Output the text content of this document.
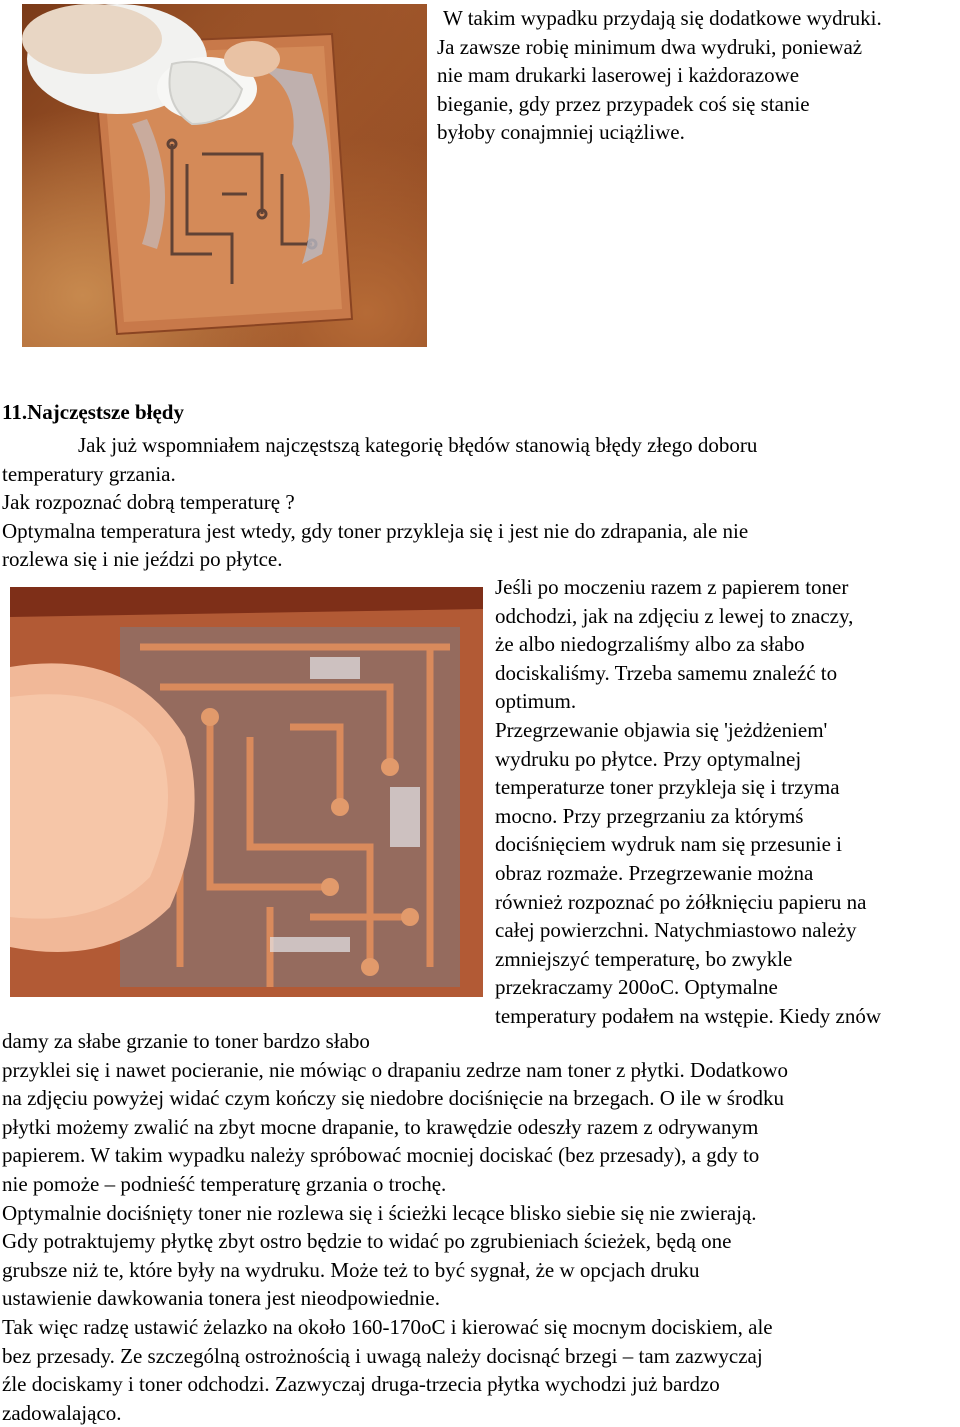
W takim wypadku przydają się dodatkowe wydruki.

Ja zawsze robię minimum dwa wydruki, ponieważ

nie mam drukarki laserowej i każdorazowe

bieganie, gdy przez przypadek coś się stanie

byłoby conajmniej uciążliwe.

11.Najczęstsze błędy

Jak już wspomniałem najczęstszą kategorię błędów stanowią błędy złego doboru

temperatury grzania.

Jak rozpoznać dobrą temperaturę ?

Optymalna temperatura jest wtedy, gdy toner przykleja się i jest nie do zdrapania, ale nie

rozlewa się i nie jeździ po płytce.

Jeśli po moczeniu razem z papierem toner

odchodzi, jak na zdjęciu z lewej to znaczy,

że albo niedogrzaliśmy albo za słabo

dociskaliśmy. Trzeba samemu znaleźć to

optimum.

Przegrzewanie objawia się 'jeżdżeniem'

wydruku po płytce. Przy optymalnej

temperaturze toner przykleja się i trzyma

mocno. Przy przegrzaniu za którymś

dociśnięciem wydruk nam się przesunie i

obraz rozmaże. Przegrzewanie można

również rozpoznać po żółknięciu papieru na

całej powierzchni. Natychmiastowo należy

zmniejszyć temperaturę, bo zwykle

przekraczamy 200oC. Optymalne

temperatury podałem na wstępie. Kiedy znów

damy za słabe grzanie to toner bardzo słabo

przyklei się i nawet pocieranie, nie mówiąc o drapaniu zedrze nam toner z płytki. Dodatkowo

na zdjęciu powyżej widać czym kończy się niedobre dociśnięcie na brzegach. O ile w środku

płytki możemy zwalić na zbyt mocne drapanie, to krawędzie odeszły razem z odrywanym

papierem. W takim wypadku należy spróbować mocniej dociskać (bez przesady), a gdy to

nie pomoże – podnieść temperaturę grzania o trochę.

Optymalnie dociśnięty toner nie rozlewa się i ścieżki lecące blisko siebie się nie zwierają.

Gdy potraktujemy płytkę zbyt ostro będzie to widać po zgrubieniach ścieżek, będą one

grubsze niż te, które były na wydruku. Może też to być sygnał, że w opcjach druku

ustawienie dawkowania tonera jest nieodpowiednie.

Tak więc radzę ustawić żelazko na około 160-170oC i kierować się mocnym dociskiem, ale

bez przesady. Ze szczególną ostrożnością i uwagą należy docisnąć brzegi – tam zazwyczaj

źle dociskamy i toner odchodzi. Zazwyczaj druga-trzecia płytka wychodzi już bardzo

zadowalająco.
